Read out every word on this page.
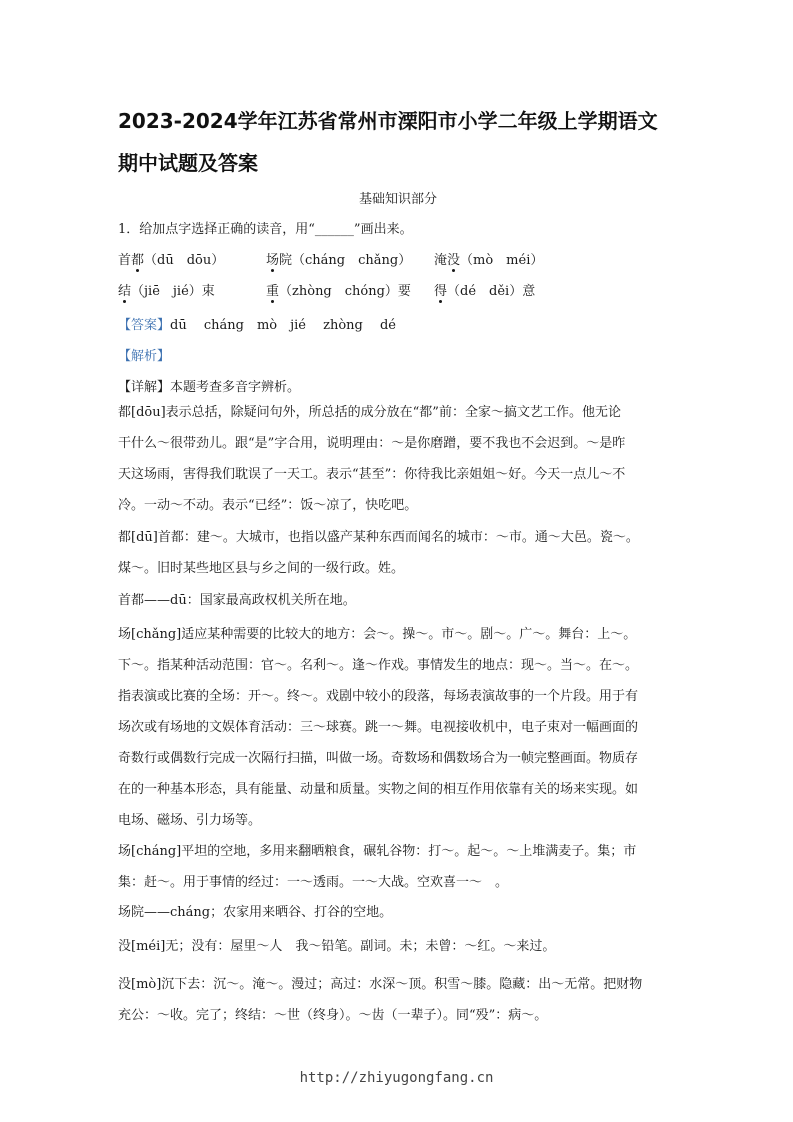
2023-2024学年江苏省常州市溧阳市小学二年级上学期语文
期中试题及答案
基础知识部分
1．给加点字选择正确的读音，用“______”画出来。
首都（dū　dōu）	场院（cháng　chǎng） 淹没（mò　méi）
结（jiē　jié）束	重（zhòng　chóng）要 得（dé　děi）意
【答案】dū　 cháng　mò　jié　 zhòng　 dé
【解析】
【详解】本题考查多音字辨析。
都[dōu]表示总括，除疑问句外，所总括的成分放在“都”前：全家～搞文艺工作。他无论
干什么～很带劲儿。跟“是”字合用，说明理由：～是你磨蹭，要不我也不会迟到。～是昨
天这场雨，害得我们耽误了一天工。表示“甚至”：你待我比亲姐姐～好。今天一点儿～不
冷。一动～不动。表示“已经”：饭～凉了，快吃吧。
都[dū]首都：建～。大城市，也指以盛产某种东西而闻名的城市：～市。通～大邑。瓷～。
煤～。旧时某些地区县与乡之间的一级行政。姓。
首都——dū：国家最高政权机关所在地。
场[chǎng]适应某种需要的比较大的地方：会～。操～。市～。剧～。广～。舞台：上～。
下～。指某种活动范围：官～。名利～。逢～作戏。事情发生的地点：现～。当～。在～。
指表演或比赛的全场：开～。终～。戏剧中较小的段落，每场表演故事的一个片段。用于有
场次或有场地的文娱体育活动：三～球赛。跳一～舞。电视接收机中，电子束对一幅画面的
奇数行或偶数行完成一次隔行扫描，叫做一场。奇数场和偶数场合为一帧完整画面。物质存
在的一种基本形态，具有能量、动量和质量。实物之间的相互作用依靠有关的场来实现。如
电场、磁场、引力场等。
场[cháng]平坦的空地，多用来翻晒粮食，碾轧谷物：打～。起～。～上堆满麦子。集；市
集：赶～。用于事情的经过：一～透雨。一～大战。空欢喜一～　。
场院——cháng；农家用来晒谷、打谷的空地。
没[méi]无；没有：屋里～人　我～铅笔。副词。未；未曾：～红。～来过。
没[mò]沉下去：沉～。淹～。漫过；高过：水深～顶。积雪～膝。隐藏：出～无常。把财物
充公：～收。完了；终结：～世（终身）。～齿（一辈子）。同“殁”：病～。
http://zhiyugongfang.cn
